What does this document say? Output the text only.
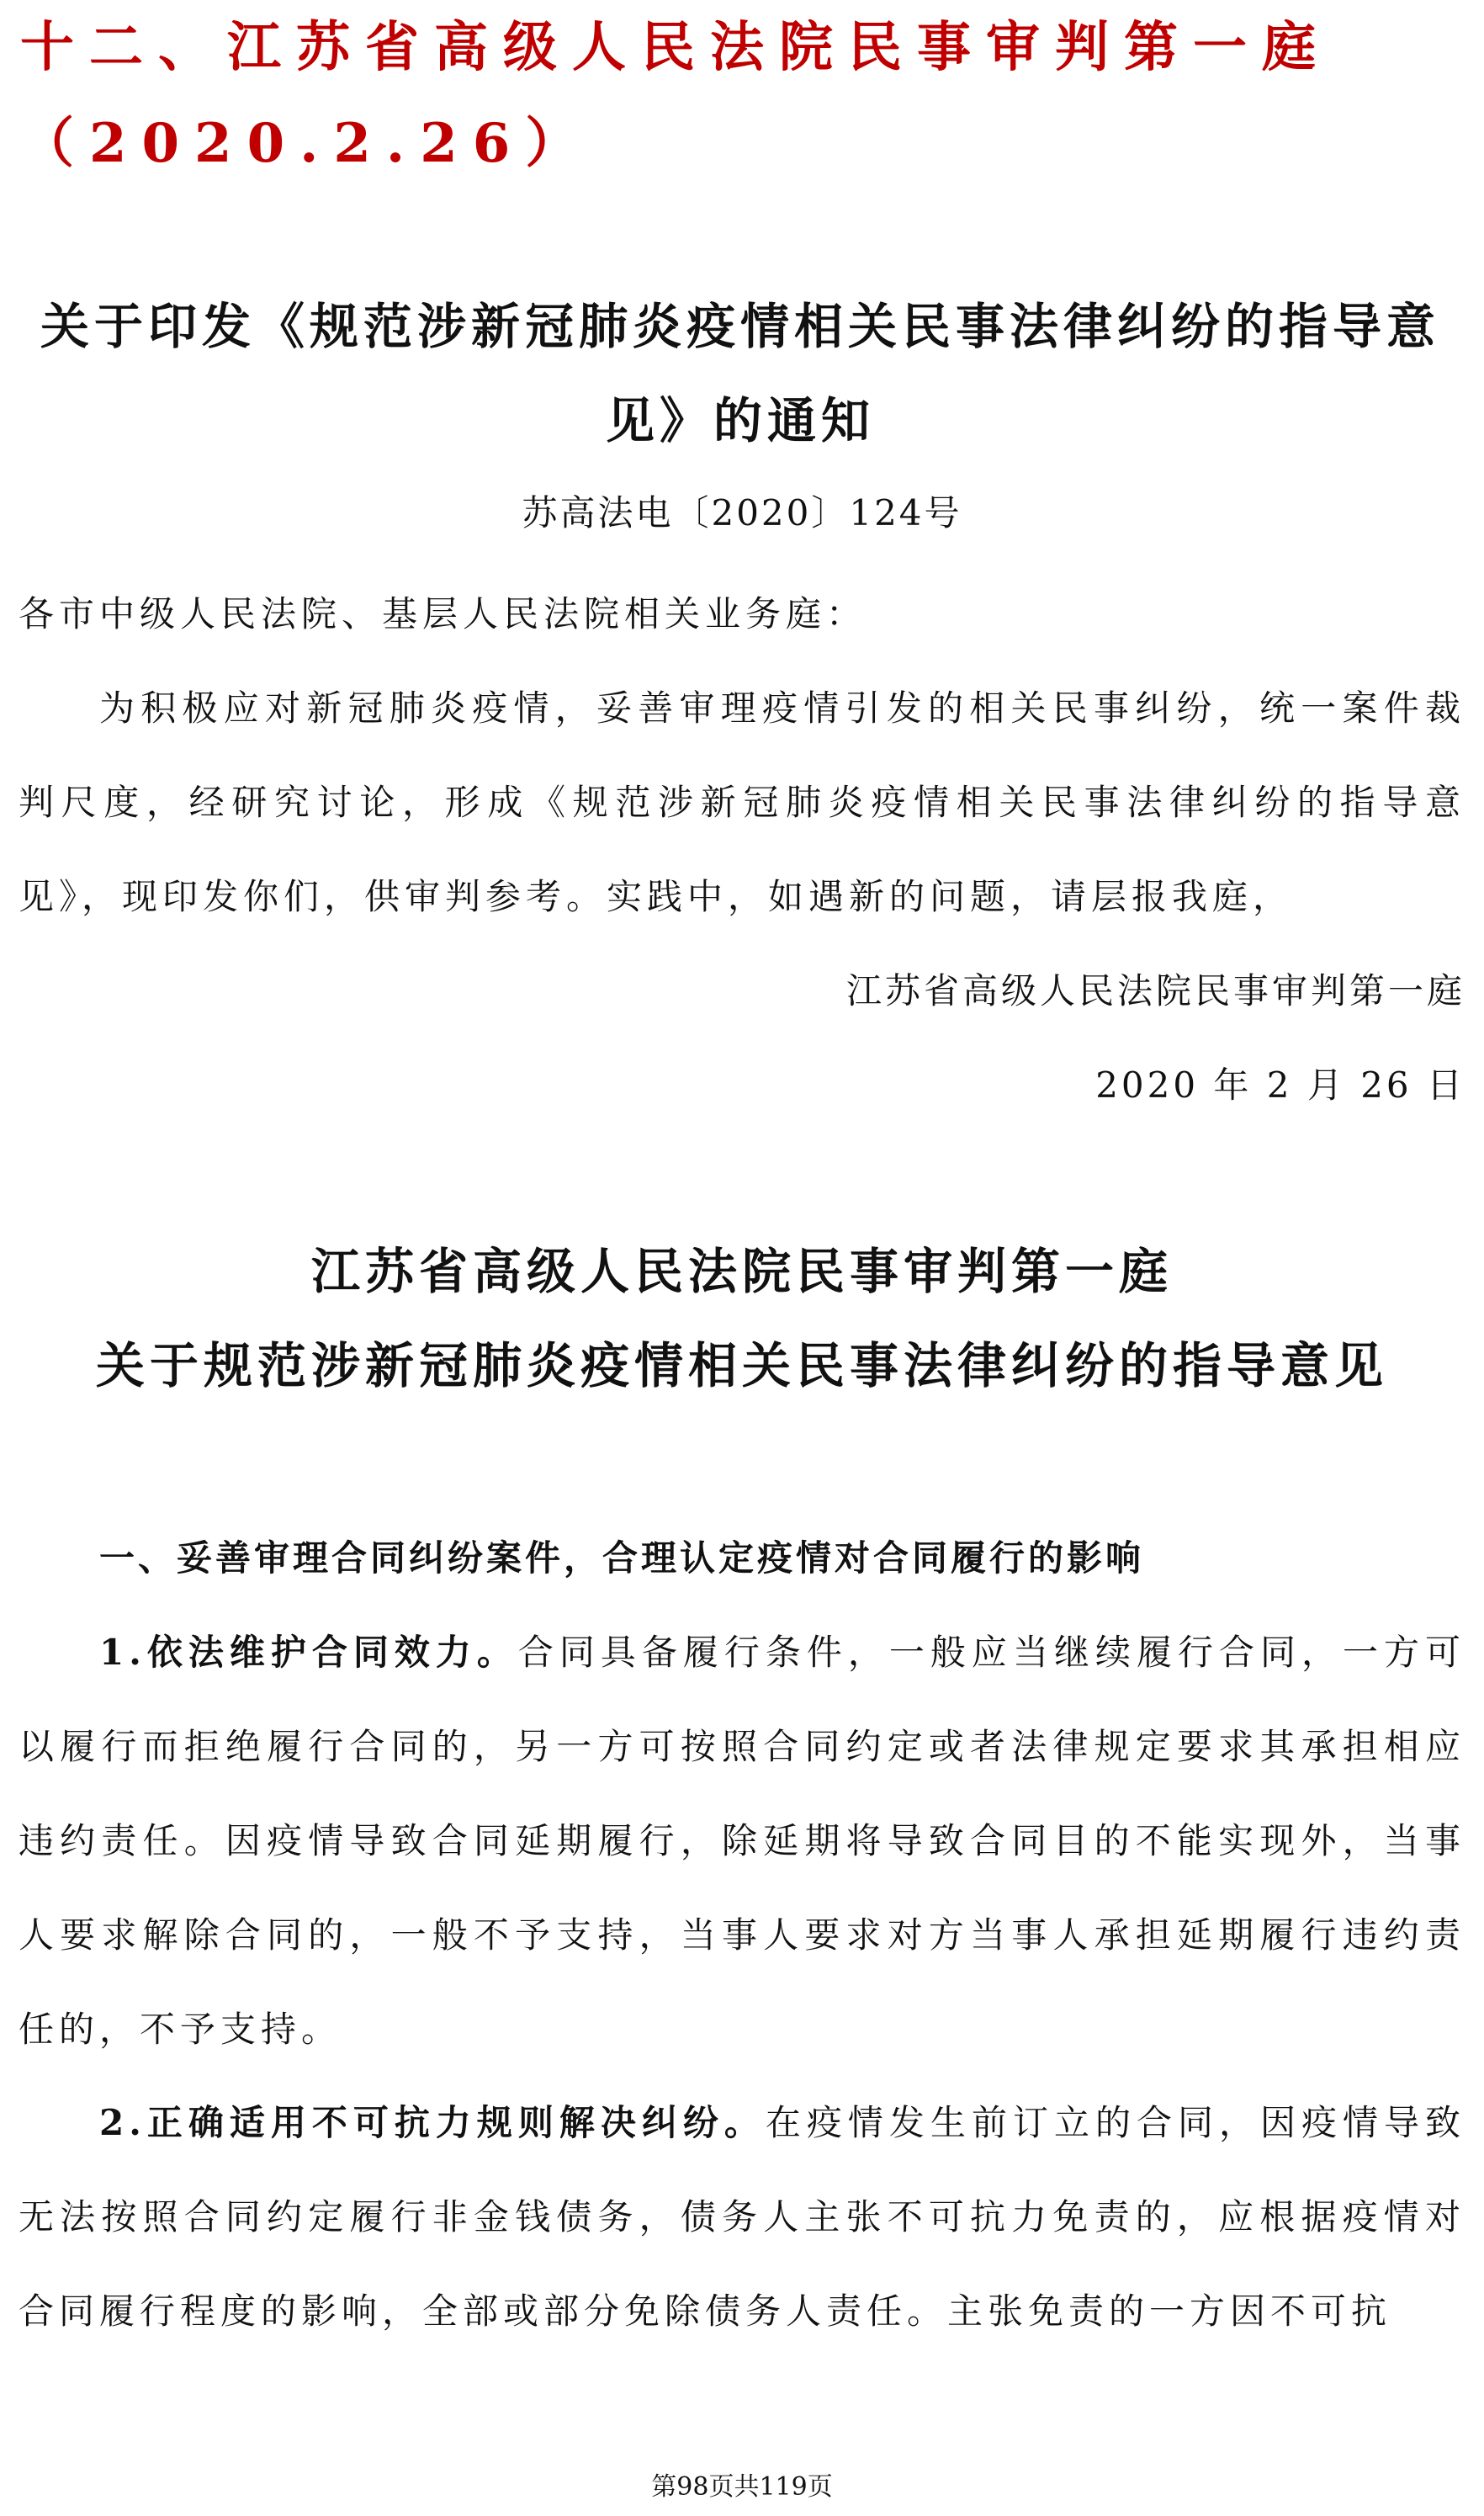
十二、江苏省高级人民法院民事审判第一庭（2020.2.26）
关于印发《规范涉新冠肺炎疫情相关民事法律纠纷的指导意见》的通知

苏高法电〔2020〕124号

各市中级人民法院、基层人民法院相关业务庭：

为积极应对新冠肺炎疫情，妥善审理疫情引发的相关民事纠纷，统一案件裁判尺度，经研究讨论，形成《规范涉新冠肺炎疫情相关民事法律纠纷的指导意见》，现印发你们，供审判参考。实践中，如遇新的问题，请层报我庭，

江苏省高级人民法院民事审判第一庭

2020 年 2 月 26 日

江苏省高级人民法院民事审判第一庭
关于规范涉新冠肺炎疫情相关民事法律纠纷的指导意见
一、妥善审理合同纠纷案件，合理认定疫情对合同履行的影响

1.依法维护合同效力。合同具备履行条件，一般应当继续履行合同，一方可以履行而拒绝履行合同的，另一方可按照合同约定或者法律规定要求其承担相应违约责任。因疫情导致合同延期履行，除延期将导致合同目的不能实现外，当事人要求解除合同的，一般不予支持，当事人要求对方当事人承担延期履行违约责任的，不予支持。

2.正确适用不可抗力规则解决纠纷。在疫情发生前订立的合同，因疫情导致无法按照合同约定履行非金钱债务，债务人主张不可抗力免责的，应根据疫情对合同履行程度的影响，全部或部分免除债务人责任。主张免责的一方因不可抗

第98页共119页
